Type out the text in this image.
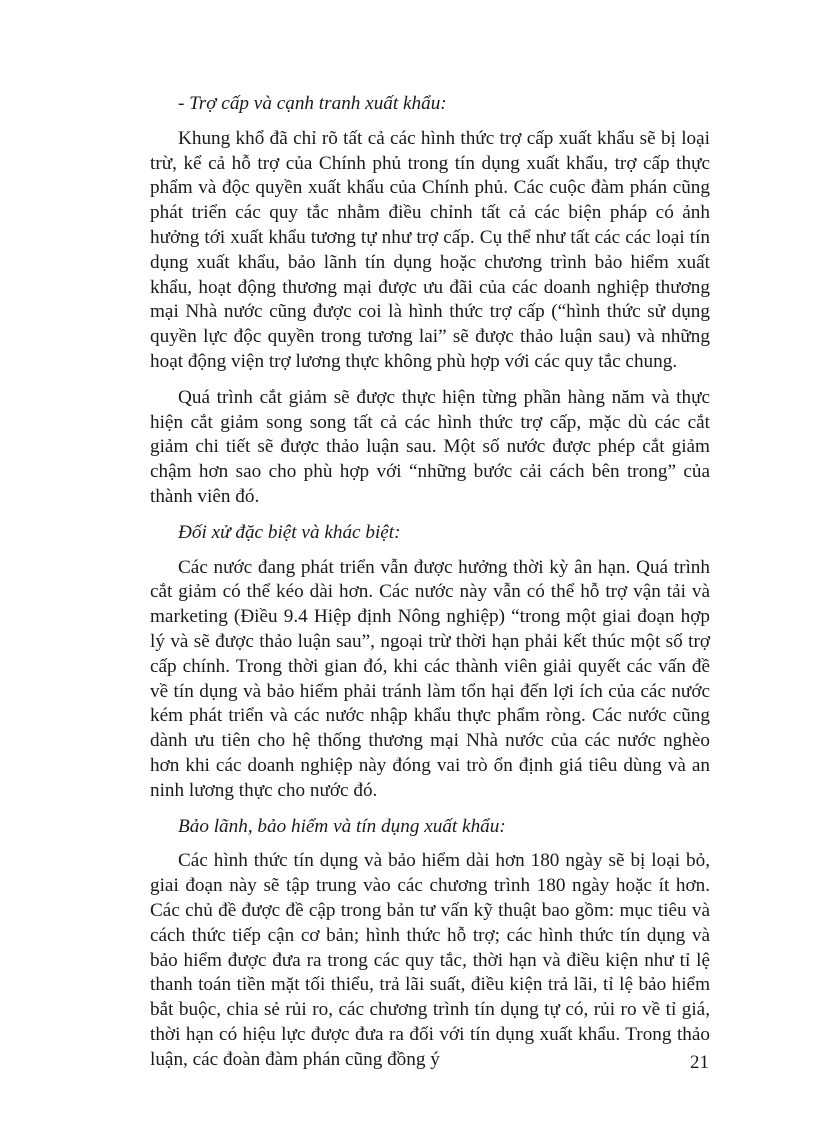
- Trợ cấp và cạnh tranh xuất khẩu:

Khung khổ đã chỉ rõ tất cả các hình thức trợ cấp xuất khẩu sẽ bị loại trừ, kể cả hỗ trợ của Chính phủ trong tín dụng xuất khẩu, trợ cấp thực phẩm và độc quyền xuất khẩu của Chính phủ. Các cuộc đàm phán cũng phát triển các quy tắc nhằm điều chỉnh tất cả các biện pháp có ảnh hưởng tới xuất khẩu tương tự như trợ cấp. Cụ thể như tất các các loại tín dụng xuất khẩu, bảo lãnh tín dụng hoặc chương trình bảo hiểm xuất khẩu, hoạt động thương mại được ưu đãi của các doanh nghiệp thương mại Nhà nước cũng được coi là hình thức trợ cấp (“hình thức sử dụng quyền lực độc quyền trong tương lai” sẽ được thảo luận sau) và những hoạt động viện trợ lương thực không phù hợp với các quy tắc chung.

Quá trình cắt giảm sẽ được thực hiện từng phần hàng năm và thực hiện cắt giảm song song tất cả các hình thức trợ cấp, mặc dù các cắt giảm chi tiết sẽ được thảo luận sau. Một số nước được phép cắt giảm chậm hơn sao cho phù hợp với “những bước cải cách bên trong” của thành viên đó.

Đối xử đặc biệt và khác biệt:

Các nước đang phát triển vẫn được hưởng thời kỳ ân hạn. Quá trình cắt giảm có thể kéo dài hơn. Các nước này vẫn có thể hỗ trợ vận tải và marketing (Điều 9.4 Hiệp định Nông nghiệp) “trong một giai đoạn hợp lý và sẽ được thảo luận sau”, ngoại trừ thời hạn phải kết thúc một số trợ cấp chính. Trong thời gian đó, khi các thành viên giải quyết các vấn đề về tín dụng và bảo hiểm phải tránh làm tổn hại đến lợi ích của các nước kém phát triển và các nước nhập khẩu thực phẩm ròng. Các nước cũng dành ưu tiên cho hệ thống thương mại Nhà nước của các nước nghèo hơn khi các doanh nghiệp này đóng vai trò ổn định giá tiêu dùng và an ninh lương thực cho nước đó.

Bảo lãnh, bảo hiểm và tín dụng xuất khẩu:

Các hình thức tín dụng và bảo hiểm dài hơn 180 ngày sẽ bị loại bỏ, giai đoạn này sẽ tập trung vào các chương trình 180 ngày hoặc ít hơn. Các chủ đề được đề cập trong bản tư vấn kỹ thuật bao gồm: mục tiêu và cách thức tiếp cận cơ bản; hình thức hỗ trợ; các hình thức tín dụng và bảo hiểm được đưa ra trong các quy tắc, thời hạn và điều kiện như tỉ lệ thanh toán tiền mặt tối thiểu, trả lãi suất, điều kiện trả lãi, tỉ lệ bảo hiểm bắt buộc, chia sẻ rủi ro, các chương trình tín dụng tự có, rủi ro về tỉ giá, thời hạn có hiệu lực được đưa ra đối với tín dụng xuất khẩu. Trong thảo luận, các đoàn đàm phán cũng đồng ý	21
